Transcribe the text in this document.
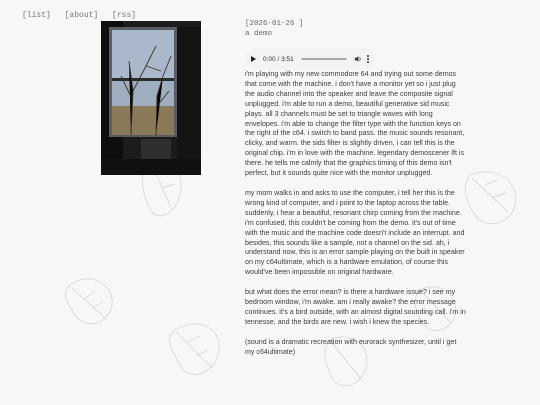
[list] [about] [rss]
[2026-01-26 ]
a demo
0:00 / 3:51

i'm playing with my new commodore 64 and trying out some demos that come with the machine. i don't have a monitor yet so i just plug the audio channel into the speaker and leave the composite signal unplugged. i'm able to run a demo, beautiful generative sid music plays. all 3 channels must be set to triangle waves with long envelopes. i'm able to change the filter type with the function keys on the right of the c64. i switch to band pass. the music sounds resonant, clicky, and warm. the sids filter is slightly driven, i can tell this is the original chip. i'm in love with the machine. legendary demoscener lft is there. he tells me calmly that the graphics timing of this demo isn't perfect, but it sounds quite nice with the monitor unplugged.

my mom walks in and asks to use the computer, i tell her this is the wrong kind of computer, and i point to the laptop across the table. suddenly, i hear a beautiful, resonant chirp coming from the machine. i'm confused, this couldn't be coming from the demo. it's out of time with the music and the machine code doesn't include an interrupt. and besides, this sounds like a sample, not a channel on the sid. ah, i understand now, this is an error sample playing on the built in speaker on my c64ultimate, which is a hardware emulation, of course this would've been impossible on original hardware.

but what does the error mean? is there a hardware issue? i see my bedroom window, i'm awake. am i really awake? the error message continues. it's a bird outside, with an almost digital sounding call. i'm in tennesse, and the birds are new. i wish i knew the species.

(sound is a dramatic recreation with eurorack synthesizer, until i get my c64ultimate)
